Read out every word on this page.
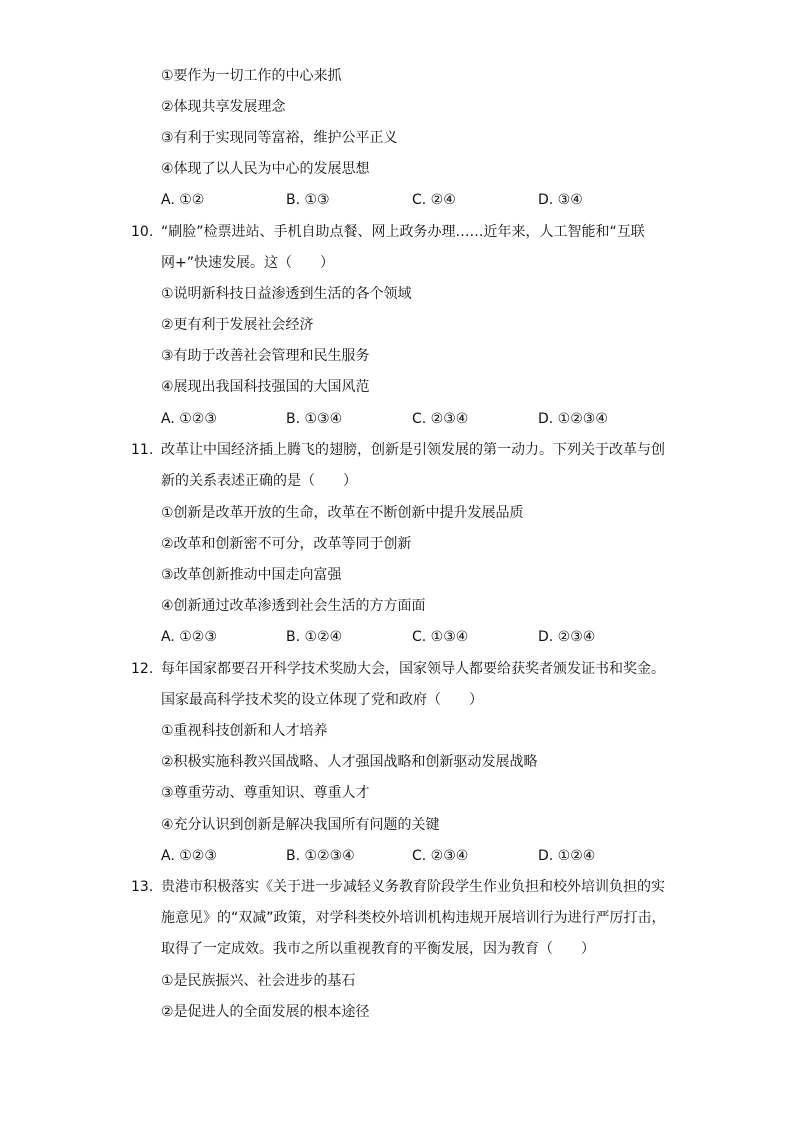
①要作为一切工作的中心来抓
②体现共享发展理念
③有利于实现同等富裕，维护公平正义
④体现了以人民为中心的发展思想
A. ①②	B. ①③	C. ②④	D. ③④
10. “刷脸”检票进站、手机自助点餐、网上政务办理……近年来，人工智能和“互联
网+”快速发展。这（　　）
①说明新科技日益渗透到生活的各个领域
②更有利于发展社会经济
③有助于改善社会管理和民生服务
④展现出我国科技强国的大国风范
A. ①②③	B. ①③④	C. ②③④	D. ①②③④
11. 改革让中国经济插上腾飞的翅膀，创新是引领发展的第一动力。下列关于改革与创
新的关系表述正确的是（　　）
①创新是改革开放的生命，改革在不断创新中提升发展品质
②改革和创新密不可分，改革等同于创新
③改革创新推动中国走向富强
④创新通过改革渗透到社会生活的方方面面
A. ①②③	B. ①②④	C. ①③④	D. ②③④
12. 每年国家都要召开科学技术奖励大会，国家领导人都要给获奖者颁发证书和奖金。
国家最高科学技术奖的设立体现了党和政府（　　）
①重视科技创新和人才培养
②积极实施科教兴国战略、人才强国战略和创新驱动发展战略
③尊重劳动、尊重知识、尊重人才
④充分认识到创新是解决我国所有问题的关键
A. ①②③	B. ①②③④	C. ②③④	D. ①②④
13. 贵港市积极落实《关于进一步减轻义务教育阶段学生作业负担和校外培训负担的实
施意见》的“双减”政策，对学科类校外培训机构违规开展培训行为进行严厉打击，
取得了一定成效。我市之所以重视教育的平衡发展，因为教育（　　）
①是民族振兴、社会进步的基石
②是促进人的全面发展的根本途径
